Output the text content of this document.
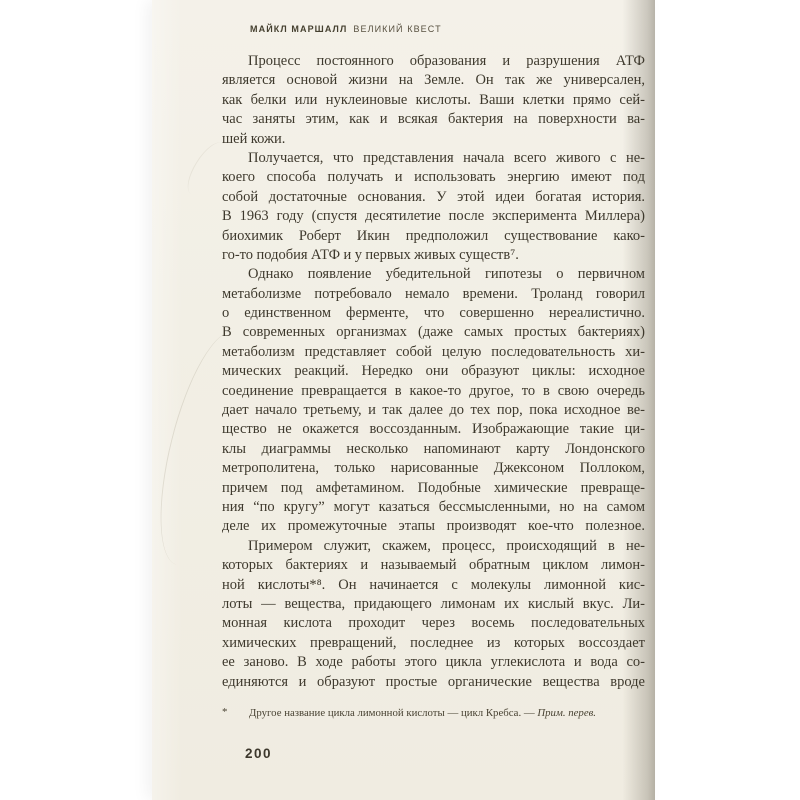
МАЙКЛ МАРШАЛЛ ВЕЛИКИЙ КВЕСТ
Процесс постоянного образования и разрушения АТФ
является основой жизни на Земле. Он так же универсален,
как белки или нуклеиновые кислоты. Ваши клетки прямо сей-
час заняты этим, как и всякая бактерия на поверхности ва-
шей кожи.
Получается, что представления начала всего живого с не-
коего способа получать и использовать энергию имеют под
собой достаточные основания. У этой идеи богатая история.
В 1963 году (спустя десятилетие после эксперимента Миллера)
биохимик Роберт Икин предположил существование како-
го-то подобия АТФ и у первых живых существ⁷.
Однако появление убедительной гипотезы о первичном
метаболизме потребовало немало времени. Троланд говорил
о единственном ферменте, что совершенно нереалистично.
В современных организмах (даже самых простых бактериях)
метаболизм представляет собой целую последовательность хи-
мических реакций. Нередко они образуют циклы: исходное
соединение превращается в какое-то другое, то в свою очередь
дает начало третьему, и так далее до тех пор, пока исходное ве-
щество не окажется воссозданным. Изображающие такие ци-
клы диаграммы несколько напоминают карту Лондонского
метрополитена, только нарисованные Джексоном Поллоком,
причем под амфетамином. Подобные химические превраще-
ния “по кругу” могут казаться бессмысленными, но на самом
деле их промежуточные этапы производят кое-что полезное.
Примером служит, скажем, процесс, происходящий в не-
которых бактериях и называемый обратным циклом лимон-
ной кислоты*⁸. Он начинается с молекулы лимонной кис-
лоты — вещества, придающего лимонам их кислый вкус. Ли-
монная кислота проходит через восемь последовательных
химических превращений, последнее из которых воссоздает
ее заново. В ходе работы этого цикла углекислота и вода со-
единяются и образуют простые органические вещества вроде
*	Другое название цикла лимонной кислоты — цикл Кребса. — Прим. перев.
200
